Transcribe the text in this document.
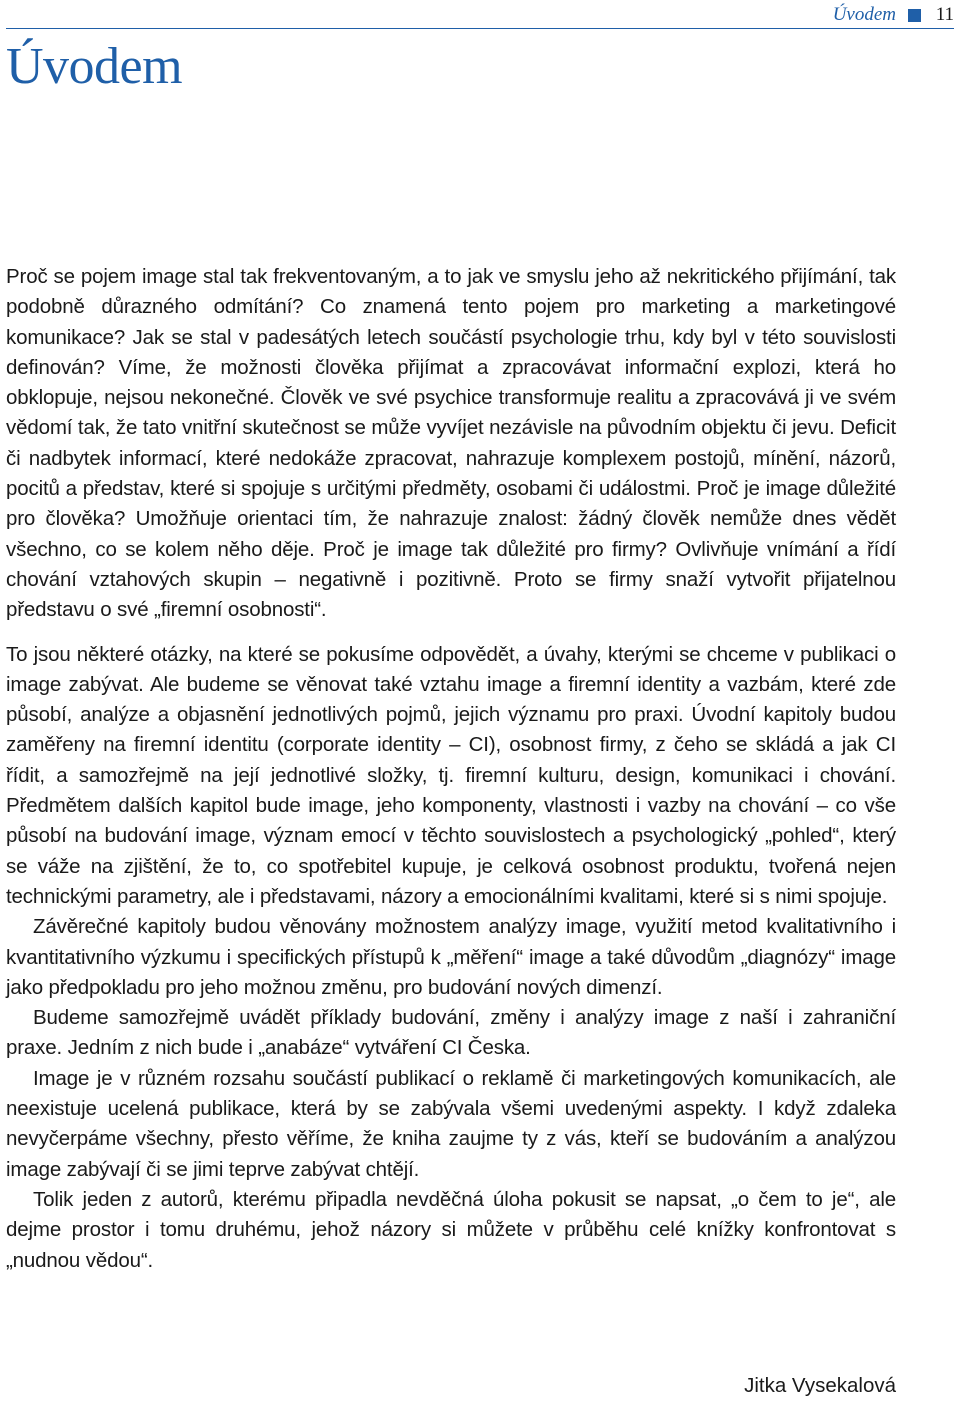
Úvodem 11
Úvodem

Proč se pojem image stal tak frekventovaným, a to jak ve smyslu jeho až nekritického přijímání, tak podobně důrazného odmítání? Co znamená tento pojem pro marketing a marketingové komunikace? Jak se stal v padesátých letech součástí psychologie trhu, kdy byl v této souvislosti definován? Víme, že možnosti člověka přijímat a zpracovávat informační explozi, která ho obklopuje, nejsou nekonečné. Člověk ve své psychice transformuje realitu a zpracovává ji ve svém vědomí tak, že tato vnitřní skutečnost se může vyvíjet nezávisle na původním objektu či jevu. Deficit či nadbytek informací, které nedokáže zpracovat, nahrazuje komplexem postojů, mínění, názorů, pocitů a představ, které si spojuje s určitými předměty, osobami či událostmi. Proč je image důležité pro člověka? Umožňuje orientaci tím, že nahrazuje znalost: žádný člověk nemůže dnes vědět všechno, co se kolem něho děje. Proč je image tak důležité pro firmy? Ovlivňuje vnímání a řídí chování vztahových skupin – negativně i pozitivně. Proto se firmy snaží vytvořit přijatelnou představu o své „firemní osobnosti“.

To jsou některé otázky, na které se pokusíme odpovědět, a úvahy, kterými se chceme v publikaci o image zabývat. Ale budeme se věnovat také vztahu image a firemní identity a vazbám, které zde působí, analýze a objasnění jednotlivých pojmů, jejich významu pro praxi. Úvodní kapitoly budou zaměřeny na firemní identitu (corporate identity – CI), osobnost firmy, z čeho se skládá a jak CI řídit, a samozřejmě na její jednotlivé složky, tj. firemní kulturu, design, komunikaci i chování. Předmětem dalších kapitol bude image, jeho komponenty, vlastnosti i vazby na chování – co vše působí na budování image, význam emocí v těchto souvislostech a psychologický „pohled“, který se váže na zjištění, že to, co spotřebitel kupuje, je celková osobnost produktu, tvořená nejen technickými parametry, ale i představami, názory a emocionálními kvalitami, které si s nimi spojuje.

Závěrečné kapitoly budou věnovány možnostem analýzy image, využití metod kvalitativního i kvantitativního výzkumu i specifických přístupů k „měření“ image a také důvodům „diagnózy“ image jako předpokladu pro jeho možnou změnu, pro budování nových dimenzí.

Budeme samozřejmě uvádět příklady budování, změny i analýzy image z naší i zahraniční praxe. Jedním z nich bude i „anabáze“ vytváření CI Česka.

Image je v různém rozsahu součástí publikací o reklamě či marketingových komunikacích, ale neexistuje ucelená publikace, která by se zabývala všemi uvedenými aspekty. I když zdaleka nevyčerpáme všechny, přesto věříme, že kniha zaujme ty z vás, kteří se budováním a analýzou image zabývají či se jimi teprve zabývat chtějí.

Tolik jeden z autorů, kterému připadla nevděčná úloha pokusit se napsat, „o čem to je“, ale dejme prostor i tomu druhému, jehož názory si můžete v průběhu celé knížky konfrontovat s „nudnou vědou“.

Jitka Vysekalová
